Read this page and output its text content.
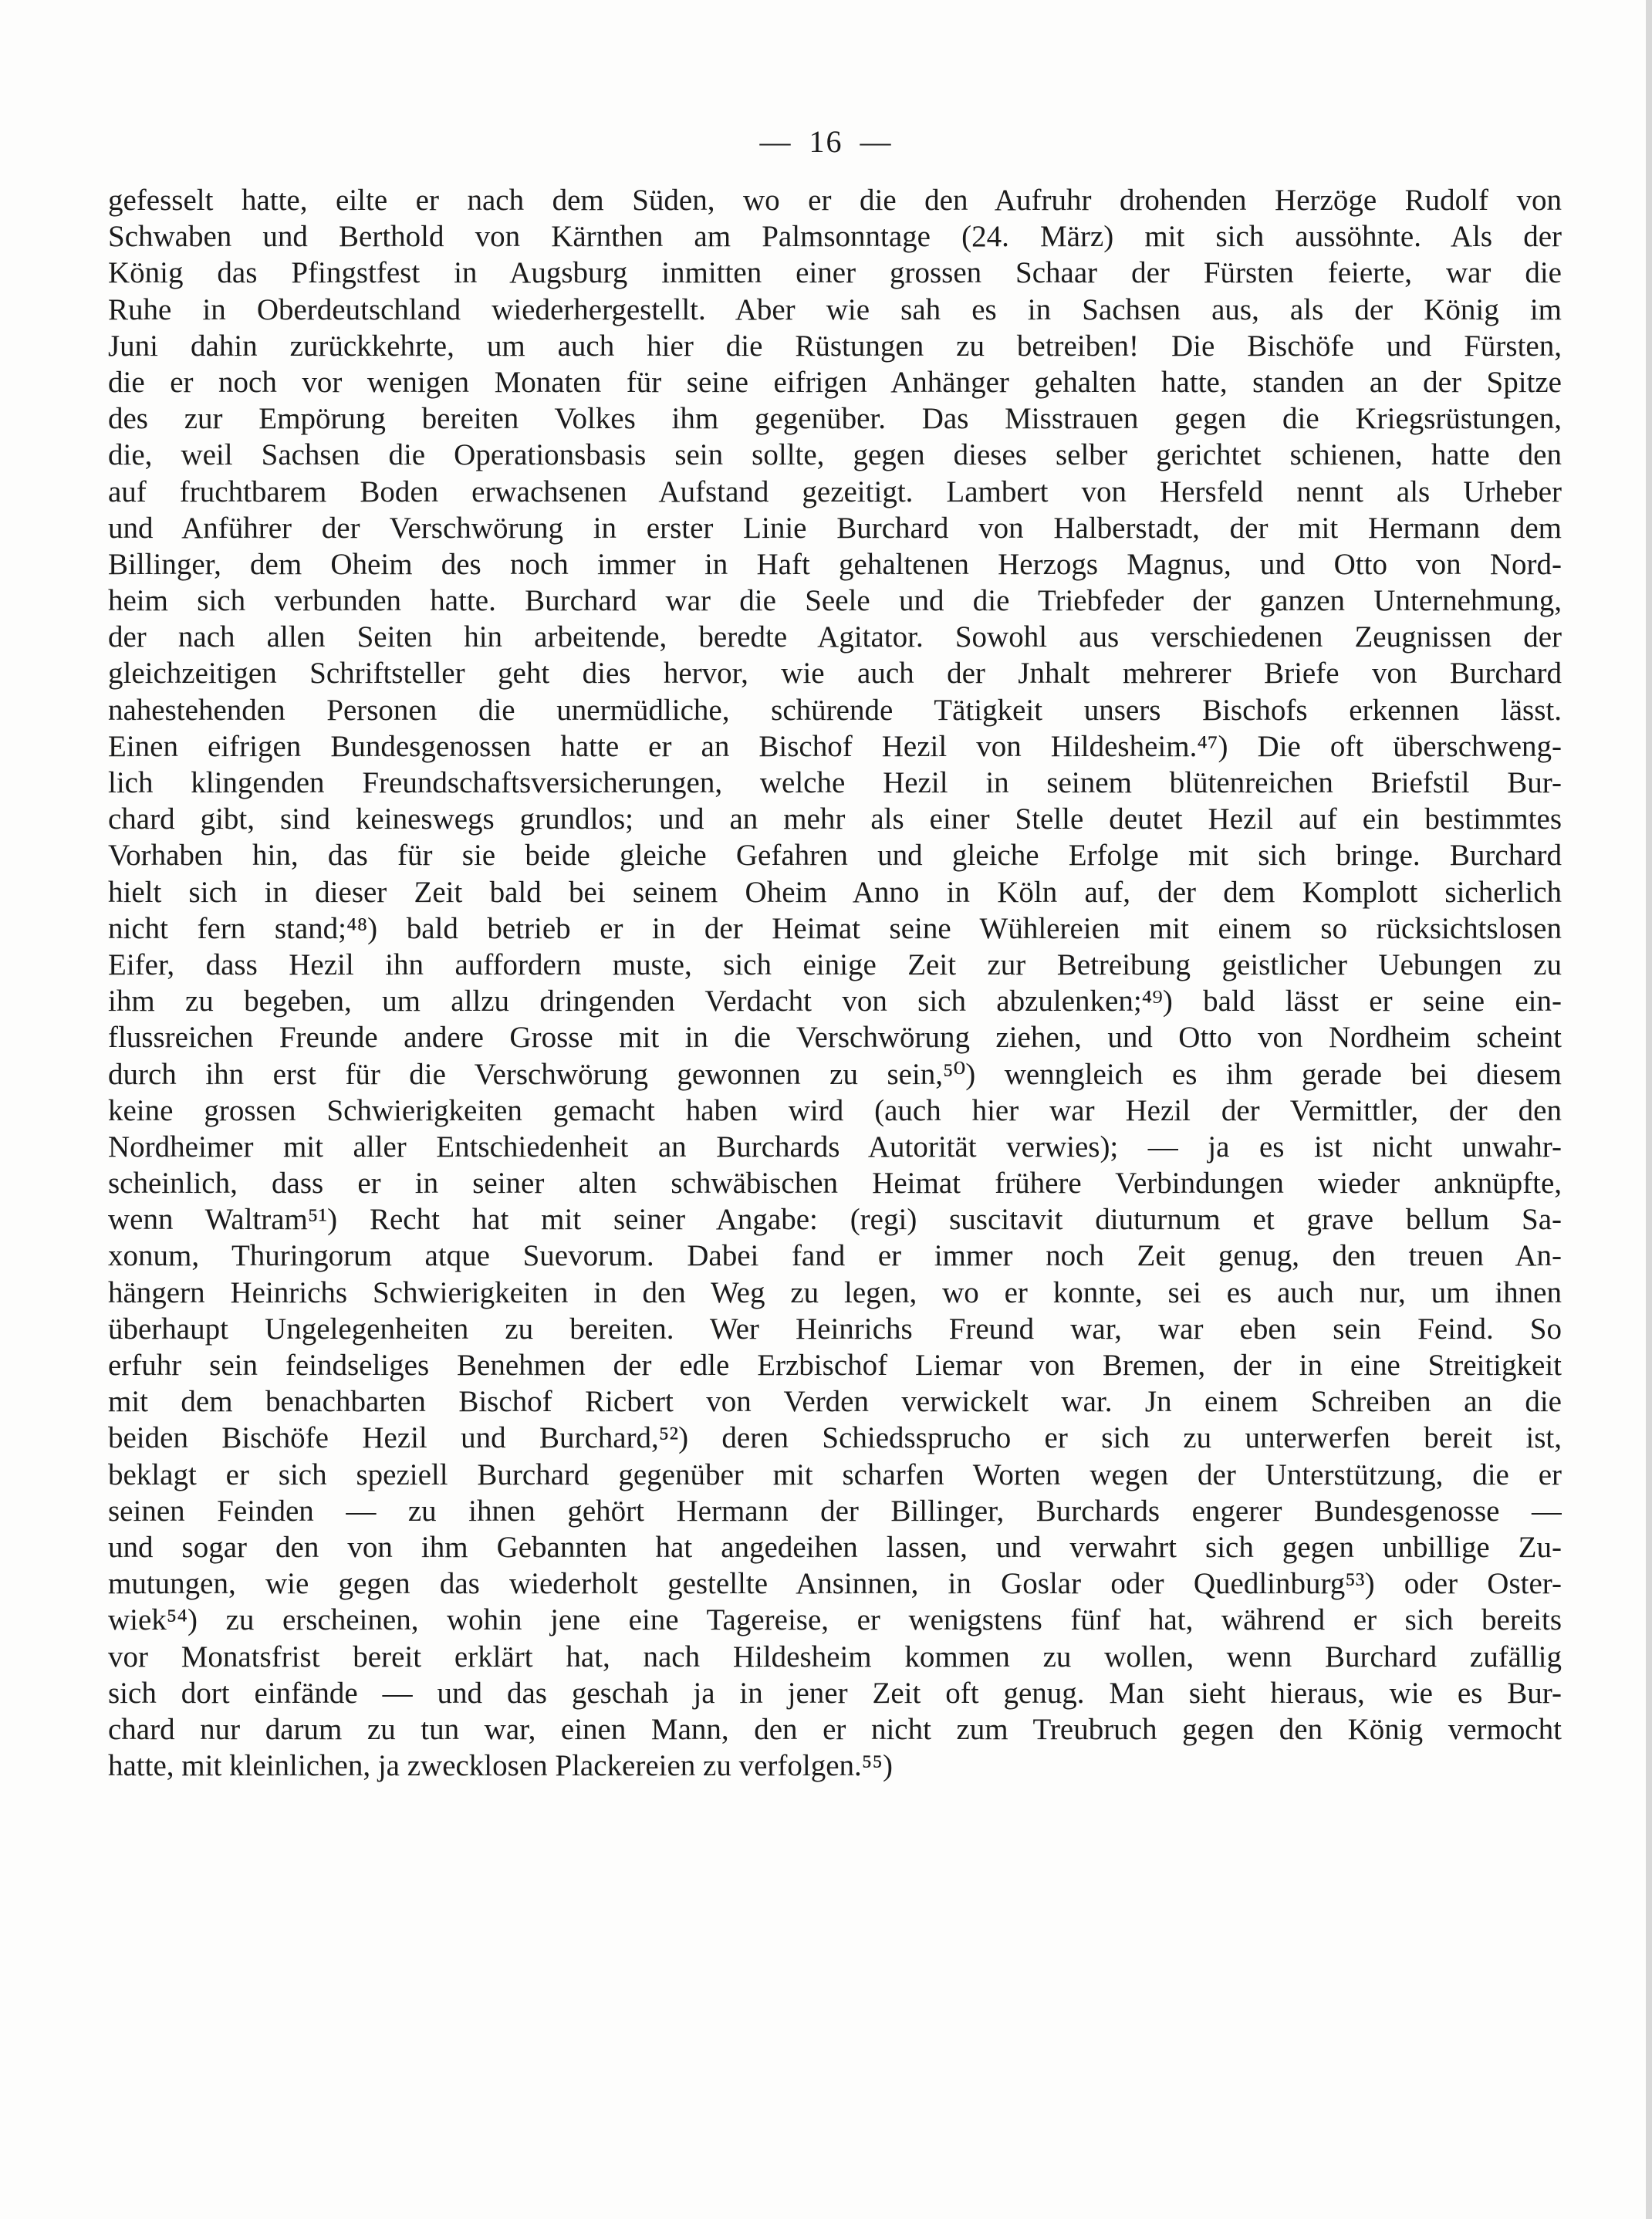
— 16 —
gefesselt hatte, eilte er nach dem Süden, wo er die den Aufruhr drohenden Herzöge Rudolf von
Schwaben und Berthold von Kärnthen am Palmsonntage (24. März) mit sich aussöhnte. Als der
König das Pfingstfest in Augsburg inmitten einer grossen Schaar der Fürsten feierte, war die
Ruhe in Oberdeutschland wiederhergestellt. Aber wie sah es in Sachsen aus, als der König im
Juni dahin zurückkehrte, um auch hier die Rüstungen zu betreiben! Die Bischöfe und Fürsten,
die er noch vor wenigen Monaten für seine eifrigen Anhänger gehalten hatte, standen an der Spitze
des zur Empörung bereiten Volkes ihm gegenüber. Das Misstrauen gegen die Kriegsrüstungen,
die, weil Sachsen die Operationsbasis sein sollte, gegen dieses selber gerichtet schienen, hatte den
auf fruchtbarem Boden erwachsenen Aufstand gezeitigt. Lambert von Hersfeld nennt als Urheber
und Anführer der Verschwörung in erster Linie Burchard von Halberstadt, der mit Hermann dem
Billinger, dem Oheim des noch immer in Haft gehaltenen Herzogs Magnus, und Otto von Nord-
heim sich verbunden hatte. Burchard war die Seele und die Triebfeder der ganzen Unternehmung,
der nach allen Seiten hin arbeitende, beredte Agitator. Sowohl aus verschiedenen Zeugnissen der
gleichzeitigen Schriftsteller geht dies hervor, wie auch der Jnhalt mehrerer Briefe von Burchard
nahestehenden Personen die unermüdliche, schürende Tätigkeit unsers Bischofs erkennen lässt.
Einen eifrigen Bundesgenossen hatte er an Bischof Hezil von Hildesheim.⁴⁷) Die oft überschweng-
lich klingenden Freundschaftsversicherungen, welche Hezil in seinem blütenreichen Briefstil Bur-
chard gibt, sind keineswegs grundlos; und an mehr als einer Stelle deutet Hezil auf ein bestimmtes
Vorhaben hin, das für sie beide gleiche Gefahren und gleiche Erfolge mit sich bringe. Burchard
hielt sich in dieser Zeit bald bei seinem Oheim Anno in Köln auf, der dem Komplott sicherlich
nicht fern stand;⁴⁸) bald betrieb er in der Heimat seine Wühlereien mit einem so rücksichtslosen
Eifer, dass Hezil ihn auffordern muste, sich einige Zeit zur Betreibung geistlicher Uebungen zu
ihm zu begeben, um allzu dringenden Verdacht von sich abzulenken;⁴⁹) bald lässt er seine ein-
flussreichen Freunde andere Grosse mit in die Verschwörung ziehen, und Otto von Nordheim scheint
durch ihn erst für die Verschwörung gewonnen zu sein,⁵⁰) wenngleich es ihm gerade bei diesem
keine grossen Schwierigkeiten gemacht haben wird (auch hier war Hezil der Vermittler, der den
Nordheimer mit aller Entschiedenheit an Burchards Autorität verwies); — ja es ist nicht unwahr-
scheinlich, dass er in seiner alten schwäbischen Heimat frühere Verbindungen wieder anknüpfte,
wenn Waltram⁵¹) Recht hat mit seiner Angabe: (regi) suscitavit diuturnum et grave bellum Sa-
xonum, Thuringorum atque Suevorum. Dabei fand er immer noch Zeit genug, den treuen An-
hängern Heinrichs Schwierigkeiten in den Weg zu legen, wo er konnte, sei es auch nur, um ihnen
überhaupt Ungelegenheiten zu bereiten. Wer Heinrichs Freund war, war eben sein Feind. So
erfuhr sein feindseliges Benehmen der edle Erzbischof Liemar von Bremen, der in eine Streitigkeit
mit dem benachbarten Bischof Ricbert von Verden verwickelt war. Jn einem Schreiben an die
beiden Bischöfe Hezil und Burchard,⁵²) deren Schiedssprucho er sich zu unterwerfen bereit ist,
beklagt er sich speziell Burchard gegenüber mit scharfen Worten wegen der Unterstützung, die er
seinen Feinden — zu ihnen gehört Hermann der Billinger, Burchards engerer Bundesgenosse —
und sogar den von ihm Gebannten hat angedeihen lassen, und verwahrt sich gegen unbillige Zu-
mutungen, wie gegen das wiederholt gestellte Ansinnen, in Goslar oder Quedlinburg⁵³) oder Oster-
wiek⁵⁴) zu erscheinen, wohin jene eine Tagereise, er wenigstens fünf hat, während er sich bereits
vor Monatsfrist bereit erklärt hat, nach Hildesheim kommen zu wollen, wenn Burchard zufällig
sich dort einfände — und das geschah ja in jener Zeit oft genug. Man sieht hieraus, wie es Bur-
chard nur darum zu tun war, einen Mann, den er nicht zum Treubruch gegen den König vermocht
hatte, mit kleinlichen, ja zwecklosen Plackereien zu verfolgen.⁵⁵)
